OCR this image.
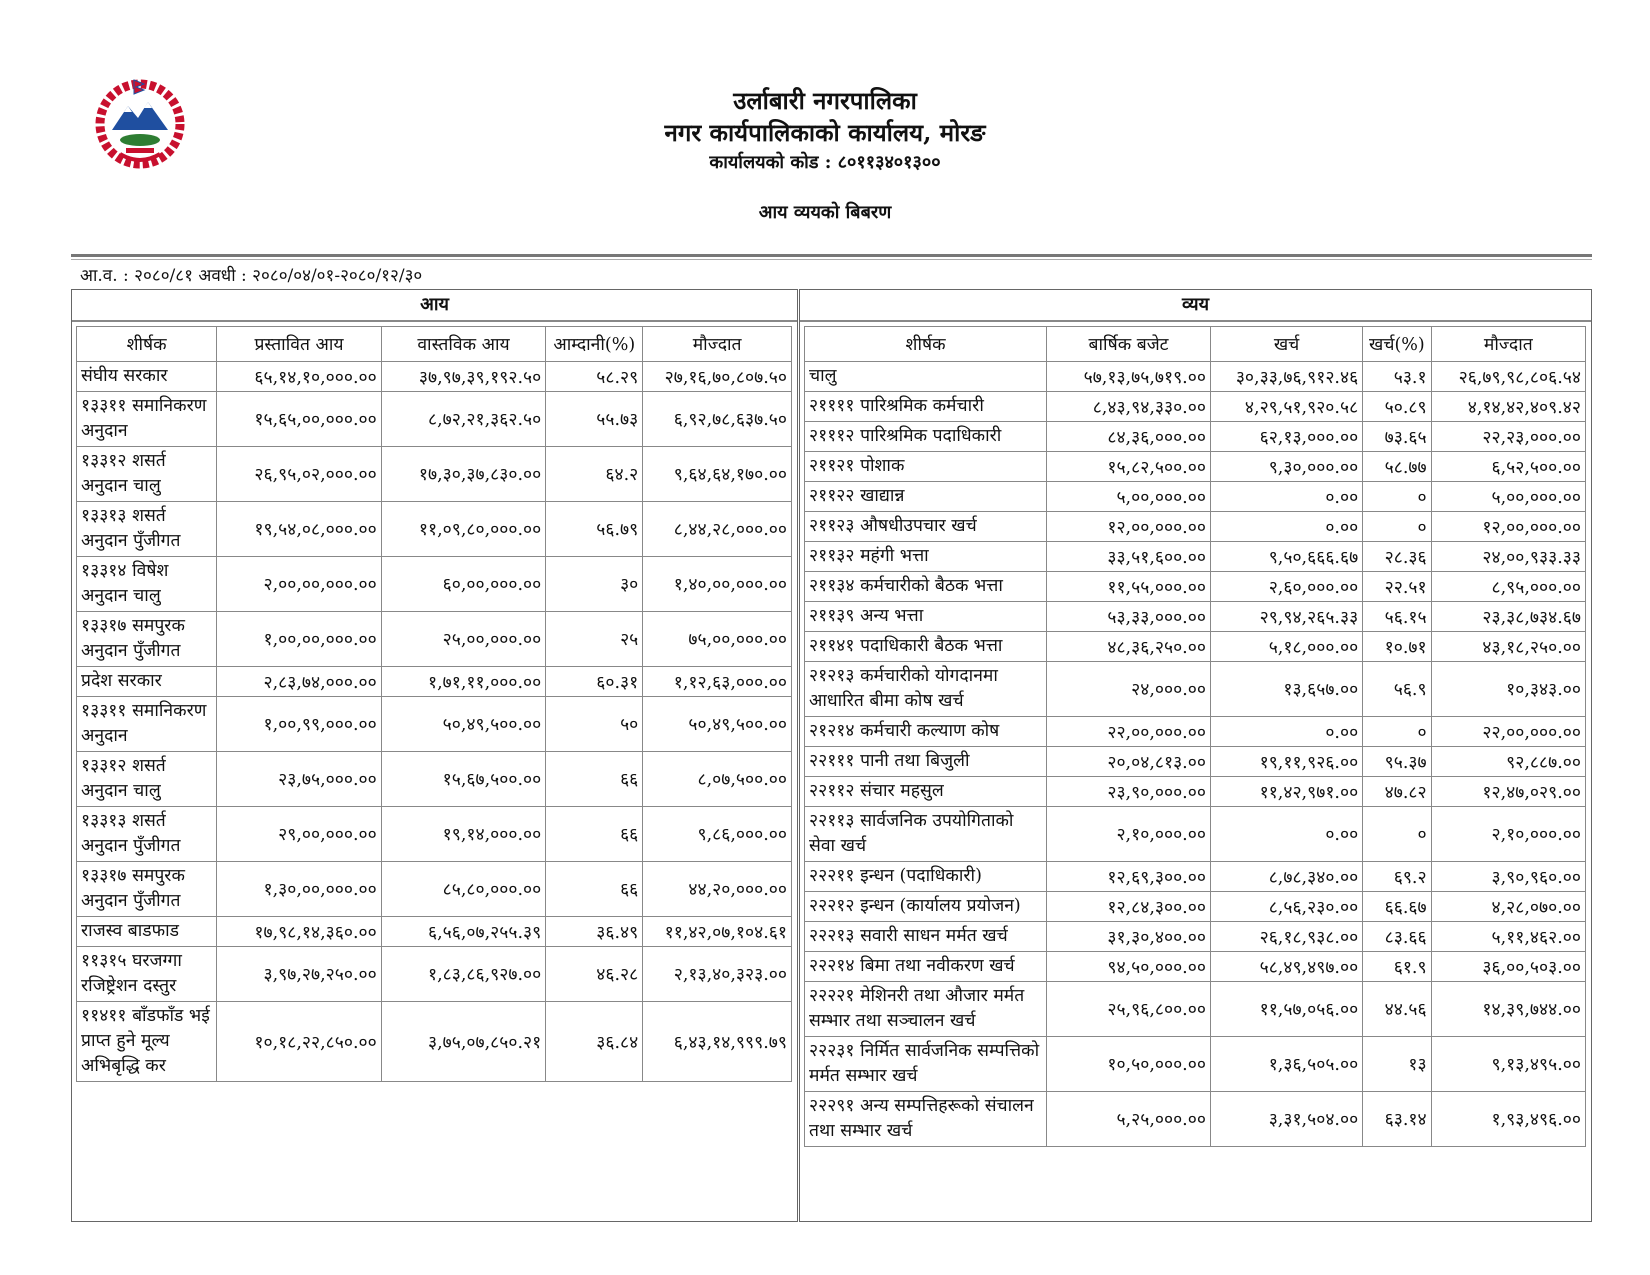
उर्लाबारी नगरपालिका
नगर कार्यपालिकाको कार्यालय, मोरङ
कार्यालयको कोड : ८०११३४०१३००
आय व्ययको बिबरण
आ.व. : २०८०/८१ अवधी : २०८०/०४/०१-२०८०/१२/३०
आय
शीर्षक	प्रस्तावित आय	वास्तविक आय	आम्दानी(%)	मौज्दात
संघीय सरकार	६५,१४,१०,०००.००	३७,९७,३९,१९२.५०	५८.२९	२७,१६,७०,८०७.५०
१३३११ समानिकरण अनुदान	१५,६५,००,०००.००	८,७२,२१,३६२.५०	५५.७३	६,९२,७८,६३७.५०
१३३१२ शसर्त अनुदान चालु	२६,९५,०२,०००.००	१७,३०,३७,८३०.००	६४.२	९,६४,६४,१७०.००
१३३१३ शसर्त अनुदान पुँजीगत	१९,५४,०८,०००.००	११,०९,८०,०००.००	५६.७९	८,४४,२८,०००.००
१३३१४ विषेश अनुदान चालु	२,००,००,०००.००	६०,००,०००.००	३०	१,४०,००,०००.००
१३३१७ समपुरक अनुदान पुँजीगत	१,००,००,०००.००	२५,००,०००.००	२५	७५,००,०००.००
प्रदेश सरकार	२,८३,७४,०००.००	१,७१,११,०००.००	६०.३१	१,१२,६३,०००.००
१३३११ समानिकरण अनुदान	१,००,९९,०००.००	५०,४९,५००.००	५०	५०,४९,५००.००
१३३१२ शसर्त अनुदान चालु	२३,७५,०००.००	१५,६७,५००.००	६६	८,०७,५००.००
१३३१३ शसर्त अनुदान पुँजीगत	२९,००,०००.००	१९,१४,०००.००	६६	९,८६,०००.००
१३३१७ समपुरक अनुदान पुँजीगत	१,३०,००,०००.००	८५,८०,०००.००	६६	४४,२०,०००.००
राजस्व बाडफाड	१७,९८,१४,३६०.००	६,५६,०७,२५५.३९	३६.४९	११,४२,०७,१०४.६१
११३१५ घरजग्गा रजिष्ट्रेशन दस्तुर	३,९७,२७,२५०.००	१,८३,८६,९२७.००	४६.२८	२,१३,४०,३२३.००
११४११ बाँडफाँड भई प्राप्त हुने मूल्य अभिबृद्धि कर	१०,१८,२२,८५०.००	३,७५,०७,८५०.२१	३६.८४	६,४३,१४,९९९.७९
व्यय
शीर्षक	बार्षिक बजेट	खर्च	खर्च(%)	मौज्दात
चालु	५७,१३,७५,७१९.००	३०,३३,७६,९१२.४६	५३.१	२६,७९,९८,८०६.५४
२११११ पारिश्रमिक कर्मचारी	८,४३,९४,३३०.००	४,२९,५१,९२०.५८	५०.८९	४,१४,४२,४०९.४२
२१११२ पारिश्रमिक पदाधिकारी	८४,३६,०००.००	६२,१३,०००.००	७३.६५	२२,२३,०००.००
२११२१ पोशाक	१५,८२,५००.००	९,३०,०००.००	५८.७७	६,५२,५००.००
२११२२ खाद्यान्न	५,००,०००.००	०.००	०	५,००,०००.००
२११२३ औषधीउपचार खर्च	१२,००,०००.००	०.००	०	१२,००,०००.००
२११३२ महंगी भत्ता	३३,५१,६००.००	९,५०,६६६.६७	२८.३६	२४,००,९३३.३३
२११३४ कर्मचारीको बैठक भत्ता	११,५५,०००.००	२,६०,०००.००	२२.५१	८,९५,०००.००
२११३९ अन्य भत्ता	५३,३३,०००.००	२९,९४,२६५.३३	५६.१५	२३,३८,७३४.६७
२११४१ पदाधिकारी बैठक भत्ता	४८,३६,२५०.००	५,१८,०००.००	१०.७१	४३,१८,२५०.००
२१२१३ कर्मचारीको योगदानमा आधारित बीमा कोष खर्च	२४,०००.००	१३,६५७.००	५६.९	१०,३४३.००
२१२१४ कर्मचारी कल्याण कोष	२२,००,०००.००	०.००	०	२२,००,०००.००
२२१११ पानी तथा बिजुली	२०,०४,८१३.००	१९,११,९२६.००	९५.३७	९२,८८७.००
२२११२ संचार महसुल	२३,९०,०००.००	११,४२,९७१.००	४७.८२	१२,४७,०२९.००
२२११३ सार्वजनिक उपयोगिताको सेवा खर्च	२,१०,०००.००	०.००	०	२,१०,०००.००
२२२११ इन्धन (पदाधिकारी)	१२,६९,३००.००	८,७८,३४०.००	६९.२	३,९०,९६०.००
२२२१२ इन्धन (कार्यालय प्रयोजन)	१२,८४,३००.००	८,५६,२३०.००	६६.६७	४,२८,०७०.००
२२२१३ सवारी साधन मर्मत खर्च	३१,३०,४००.००	२६,१८,९३८.००	८३.६६	५,११,४६२.००
२२२१४ बिमा तथा नवीकरण खर्च	९४,५०,०००.००	५८,४९,४९७.००	६१.९	३६,००,५०३.००
२२२२१ मेशिनरी तथा औजार मर्मत सम्भार तथा सञ्चालन खर्च	२५,९६,८००.००	११,५७,०५६.००	४४.५६	१४,३९,७४४.००
२२२३१ निर्मित सार्वजनिक सम्पत्तिको मर्मत सम्भार खर्च	१०,५०,०००.००	१,३६,५०५.००	१३	९,१३,४९५.००
२२२९१ अन्य सम्पत्तिहरूको संचालन तथा सम्भार खर्च	५,२५,०००.००	३,३१,५०४.००	६३.१४	१,९३,४९६.००
